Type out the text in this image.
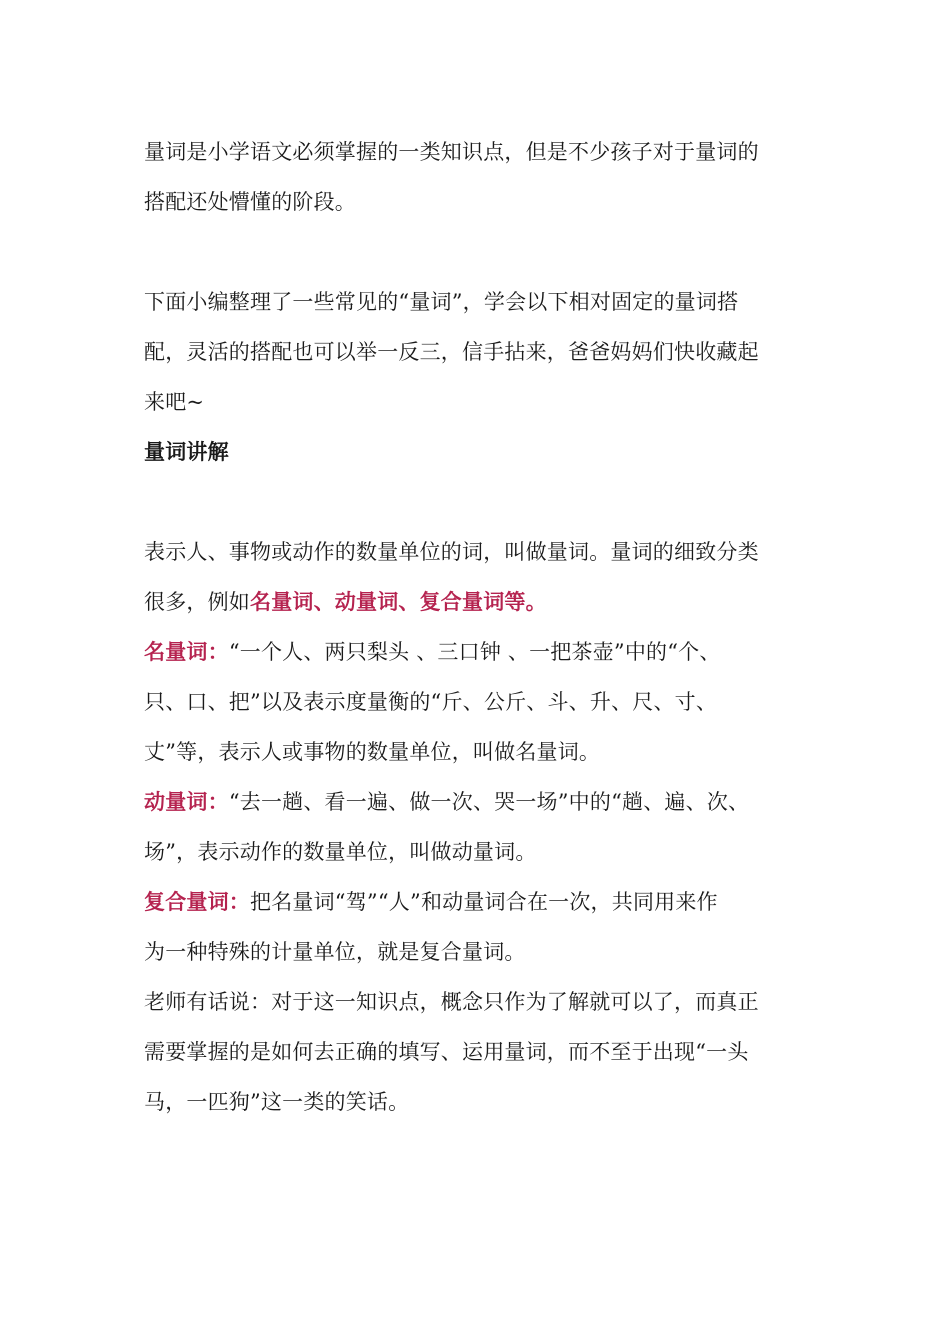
量词是小学语文必须掌握的一类知识点，但是不少孩子对于量词的
搭配还处懵懂的阶段。
下面小编整理了一些常见的“量词”，学会以下相对固定的量词搭
配，灵活的搭配也可以举一反三，信手拈来，爸爸妈妈们快收藏起
来吧~
量词讲解
表示人、事物或动作的数量单位的词，叫做量词。量词的细致分类
很多，例如名量词、动量词、复合量词等。
名量词：“一个人、两只梨头 、三口钟 、一把茶壶”中的“个、
只、口、把”以及表示度量衡的“斤、公斤、斗、升、尺、寸、
丈”等，表示人或事物的数量单位，叫做名量词。
动量词：“去一趟、看一遍、做一次、哭一场”中的“趟、遍、次、
场”，表示动作的数量单位，叫做动量词。
复合量词：把名量词“驾”“人”和动量词合在一次，共同用来作
为一种特殊的计量单位，就是复合量词。
老师有话说：对于这一知识点，概念只作为了解就可以了，而真正
需要掌握的是如何去正确的填写、运用量词，而不至于出现“一头
马，一匹狗”这一类的笑话。
